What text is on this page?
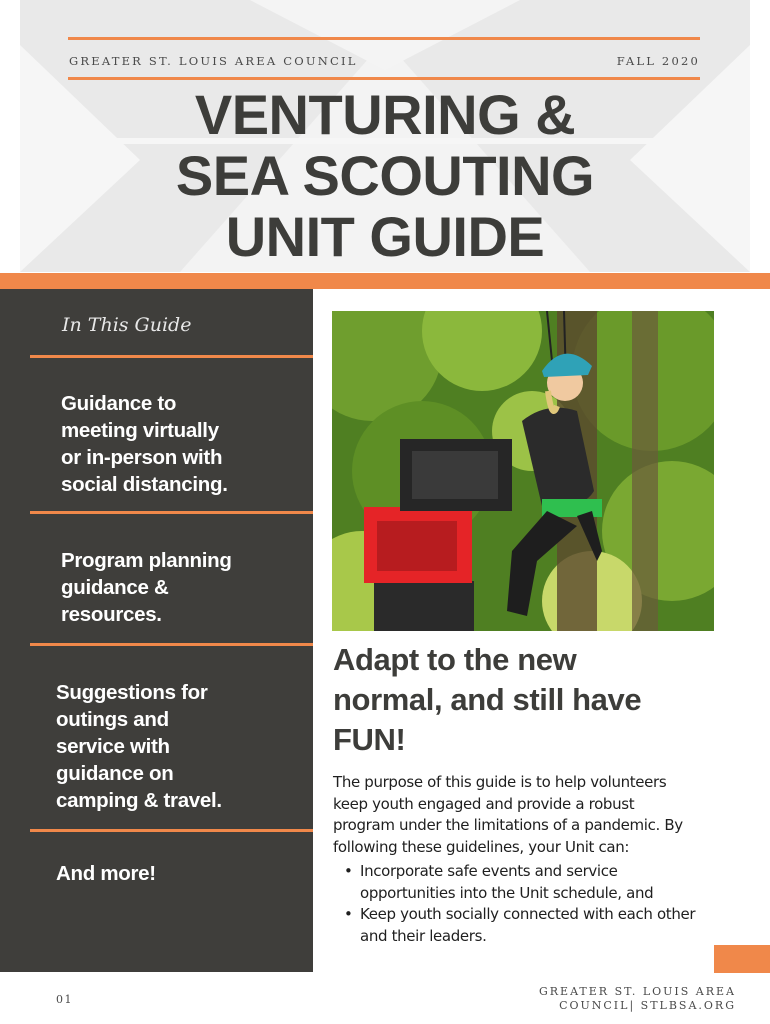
GREATER ST. LOUIS AREA COUNCIL	FALL 2020
VENTURING &
SEA SCOUTING
UNIT GUIDE
In This Guide
Guidance to
meeting virtually
or in-person with
social distancing.
Program planning
guidance &
resources.
Suggestions for
outings and
service with
guidance on
camping & travel.
And more!
Adapt to the new
normal, and still have
FUN!
The purpose of this guide is to help volunteers
keep youth engaged and provide a robust
program under the limitations of a pandemic. By
following these guidelines, your Unit can:
• Incorporate safe events and service
opportunities into the Unit schedule, and
• Keep youth socially connected with each other
and their leaders.
01
GREATER ST. LOUIS AREA
COUNCIL| STLBSA.ORG
